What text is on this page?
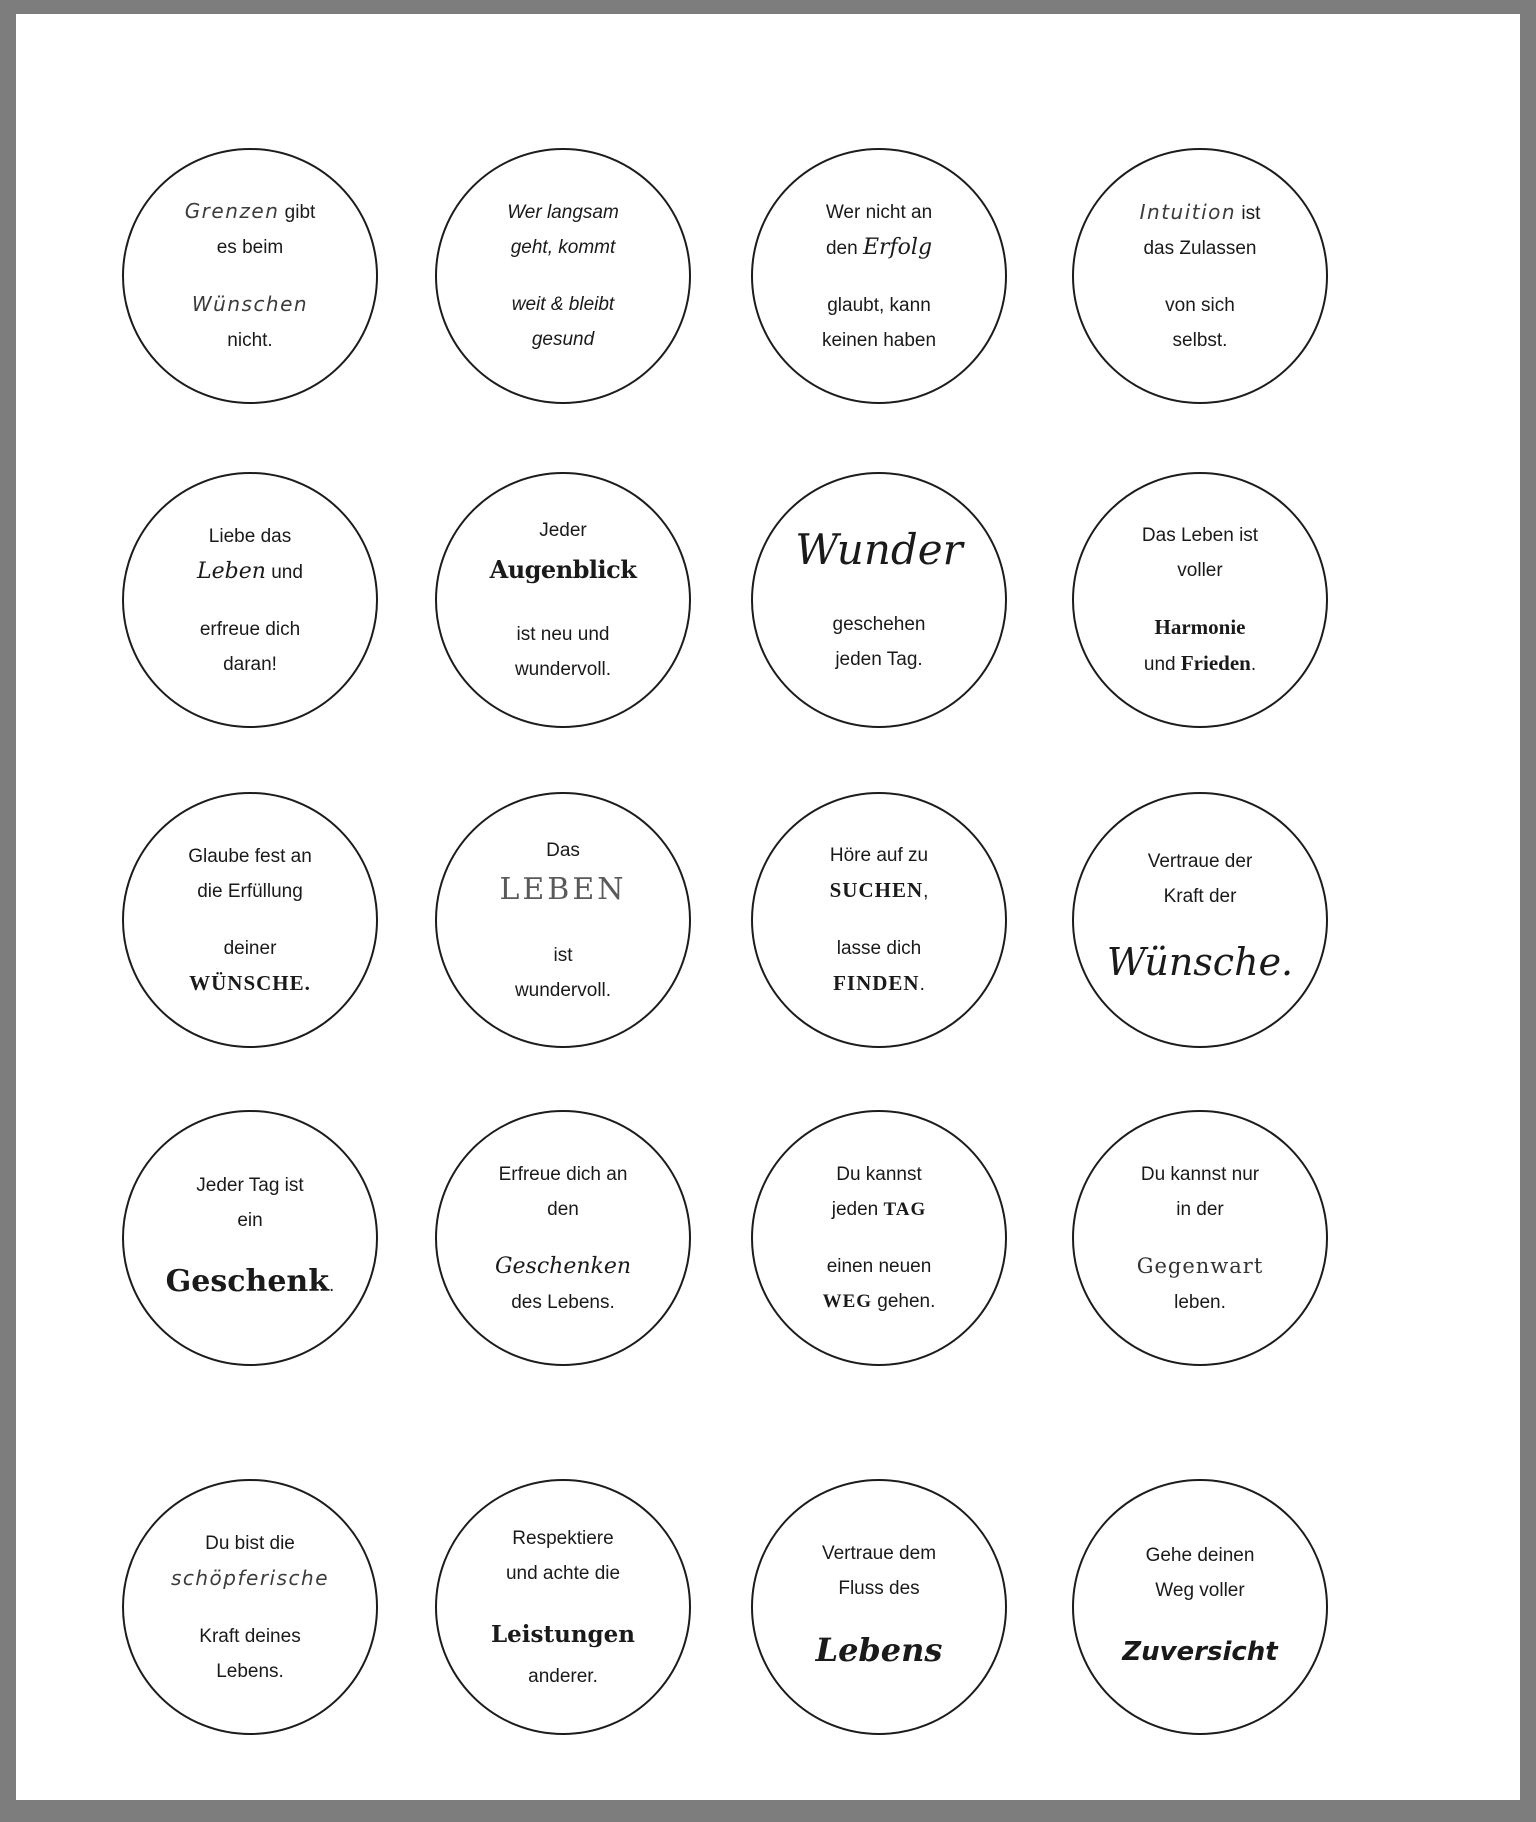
Grenzen gibt
es beim
Wünschen
nicht.
Wer langsam
geht, kommt
weit & bleibt
gesund
Wer nicht an
den Erfolg
glaubt, kann
keinen haben
Intuition ist
das Zulassen
von sich
selbst.
Liebe das
Leben und
erfreue dich
daran!
Jeder
Augenblick
ist neu und
wundervoll.
Wunder
geschehen
jeden Tag.
Das Leben ist
voller
Harmonie
und Frieden.
Glaube fest an
die Erfüllung
deiner
WÜNSCHE.
Das
LEBEN
ist
wundervoll.
Höre auf zu
SUCHEN,
lasse dich
FINDEN.
Vertraue der
Kraft der
Wünsche.
Jeder Tag ist
ein
Geschenk.
Erfreue dich an
den
Geschenken
des Lebens.
Du kannst
jeden TAG
einen neuen
WEG gehen.
Du kannst nur
in der
Gegenwart
leben.
Du bist die
schöpferische
Kraft deines
Lebens.
Respektiere
und achte die
Leistungen
anderer.
Vertraue dem
Fluss des
Lebens
Gehe deinen
Weg voller
Zuversicht
